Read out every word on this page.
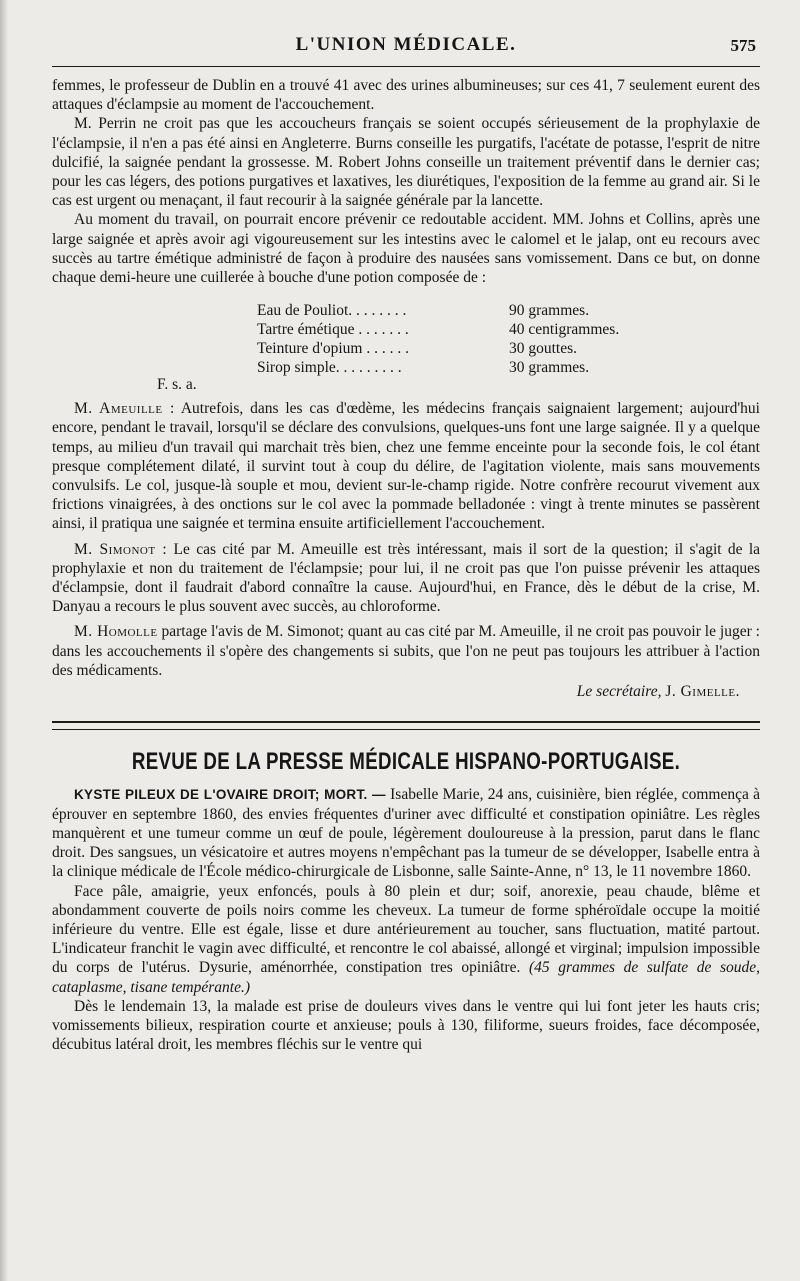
L'UNION MÉDICALE.	575

femmes, le professeur de Dublin en a trouvé 41 avec des urines albumineuses; sur ces 41, 7 seulement eurent des attaques d'éclampsie au moment de l'accouchement.

M. Perrin ne croit pas que les accoucheurs français se soient occupés sérieusement de la prophylaxie de l'éclampsie, il n'en a pas été ainsi en Angleterre. Burns conseille les purgatifs, l'acétate de potasse, l'esprit de nitre dulcifié, la saignée pendant la grossesse. M. Robert Johns conseille un traitement préventif dans le dernier cas; pour les cas légers, des potions purgatives et laxatives, les diurétiques, l'exposition de la femme au grand air. Si le cas est urgent ou menaçant, il faut recourir à la saignée générale par la lancette.

Au moment du travail, on pourrait encore prévenir ce redoutable accident. MM. Johns et Collins, après une large saignée et après avoir agi vigoureusement sur les intestins avec le calomel et le jalap, ont eu recours avec succès au tartre émétique administré de façon à produire des nausées sans vomissement. Dans ce but, on donne chaque demi-heure une cuillerée à bouche d'une potion composée de :

Eau de Pouliot. . . . . . . .	90 grammes.
Tartre émétique . . . . . . .	40 centigrammes.
Teinture d'opium . . . . . .	30 gouttes.
Sirop simple. . . . . . . . .	30 grammes.
F. s. a.

M. Ameuille : Autrefois, dans les cas d'œdème, les médecins français saignaient largement; aujourd'hui encore, pendant le travail, lorsqu'il se déclare des convulsions, quelques-uns font une large saignée. Il y a quelque temps, au milieu d'un travail qui marchait très bien, chez une femme enceinte pour la seconde fois, le col étant presque complétement dilaté, il survint tout à coup du délire, de l'agitation violente, mais sans mouvements convulsifs. Le col, jusque-là souple et mou, devient sur-le-champ rigide. Notre confrère recourut vivement aux frictions vinaigrées, à des onctions sur le col avec la pommade belladonée : vingt à trente minutes se passèrent ainsi, il pratiqua une saignée et termina ensuite artificiellement l'accouchement.

M. Simonot : Le cas cité par M. Ameuille est très intéressant, mais il sort de la question; il s'agit de la prophylaxie et non du traitement de l'éclampsie; pour lui, il ne croit pas que l'on puisse prévenir les attaques d'éclampsie, dont il faudrait d'abord connaître la cause. Aujourd'hui, en France, dès le début de la crise, M. Danyau a recours le plus souvent avec succès, au chloroforme.

M. Homolle partage l'avis de M. Simonot; quant au cas cité par M. Ameuille, il ne croit pas pouvoir le juger : dans les accouchements il s'opère des changements si subits, que l'on ne peut pas toujours les attribuer à l'action des médicaments.

Le secrétaire, J. Gimelle.

REVUE DE LA PRESSE MÉDICALE HISPANO-PORTUGAISE.

KYSTE PILEUX DE L'OVAIRE DROIT; MORT. — Isabelle Marie, 24 ans, cuisinière, bien réglée, commença à éprouver en septembre 1860, des envies fréquentes d'uriner avec difficulté et constipation opiniâtre. Les règles manquèrent et une tumeur comme un œuf de poule, légèrement douloureuse à la pression, parut dans le flanc droit. Des sangsues, un vésicatoire et autres moyens n'empêchant pas la tumeur de se développer, Isabelle entra à la clinique médicale de l'École médico-chirurgicale de Lisbonne, salle Sainte-Anne, n° 13, le 11 novembre 1860.

Face pâle, amaigrie, yeux enfoncés, pouls à 80 plein et dur; soif, anorexie, peau chaude, blême et abondamment couverte de poils noirs comme les cheveux. La tumeur de forme sphéroïdale occupe la moitié inférieure du ventre. Elle est égale, lisse et dure antérieurement au toucher, sans fluctuation, matité partout. L'indicateur franchit le vagin avec difficulté, et rencontre le col abaissé, allongé et virginal; impulsion impossible du corps de l'utérus. Dysurie, aménorrhée, constipation tres opiniâtre. (45 grammes de sulfate de soude, cataplasme, tisane tempérante.)

Dès le lendemain 13, la malade est prise de douleurs vives dans le ventre qui lui font jeter les hauts cris; vomissements bilieux, respiration courte et anxieuse; pouls à 130, filiforme, sueurs froides, face décomposée, décubitus latéral droit, les membres fléchis sur le ventre qui
